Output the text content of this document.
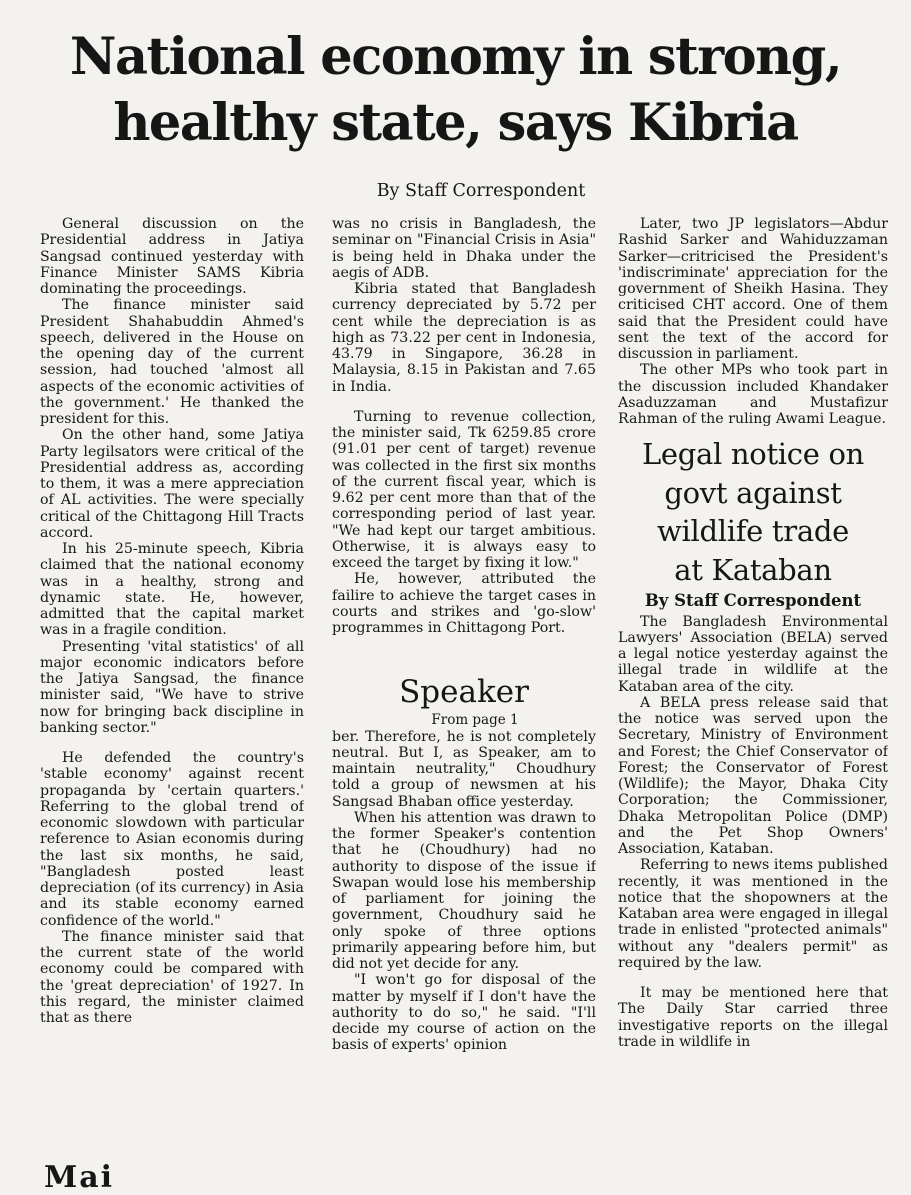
National economy in strong,
healthy state, says Kibria
By Staff Correspondent

General discussion on the Presidential address in Jatiya Sangsad continued yesterday with Finance Minister SAMS Kibria dominating the proceedings.

The finance minister said President Shahabuddin Ahmed's speech, delivered in the House on the opening day of the current session, had touched 'almost all aspects of the economic activities of the government.' He thanked the president for this.

On the other hand, some Jatiya Party legilsators were critical of the Presidential address as, according to them, it was a mere appreciation of AL activities. The were specially critical of the Chittagong Hill Tracts accord.

In his 25-minute speech, Kibria claimed that the national economy was in a healthy, strong and dynamic state. He, however, admitted that the capital market was in a fragile condition.

Presenting 'vital statistics' of all major economic indicators before the Jatiya Sangsad, the finance minister said, "We have to strive now for bringing back discipline in banking sector."

He defended the country's 'stable economy' against recent propaganda by 'certain quarters.' Referring to the global trend of economic slowdown with particular reference to Asian economis during the last six months, he said, "Bangladesh posted least depreciation (of its currency) in Asia and its stable economy earned confidence of the world."

The finance minister said that the current state of the world economy could be compared with the 'great depreciation' of 1927. In this regard, the minister claimed that as there

was no crisis in Bangladesh, the seminar on "Financial Crisis in Asia" is being held in Dhaka under the aegis of ADB.

Kibria stated that Bangladesh currency depreciated by 5.72 per cent while the depreciation is as high as 73.22 per cent in Indonesia, 43.79 in Singapore, 36.28 in Malaysia, 8.15 in Pakistan and 7.65 in India.

Turning to revenue collection, the minister said, Tk 6259.85 crore (91.01 per cent of target) revenue was collected in the first six months of the current fiscal year, which is 9.62 per cent more than that of the corresponding period of last year. "We had kept our target ambitious. Otherwise, it is always easy to exceed the target by fixing it low."

He, however, attributed the failire to achieve the target cases in courts and strikes and 'go-slow' programmes in Chittagong Port.

Speaker

From page 1

ber. Therefore, he is not completely neutral. But I, as Speaker, am to maintain neutrality," Choudhury told a group of newsmen at his Sangsad Bhaban office yesterday.

When his attention was drawn to the former Speaker's contention that he (Choudhury) had no authority to dispose of the issue if Swapan would lose his membership of parliament for joining the government, Choudhury said he only spoke of three options primarily appearing before him, but did not yet decide for any.

"I won't go for disposal of the matter by myself if I don't have the authority to do so," he said. "I'll decide my course of action on the basis of experts' opinion

Later, two JP legislators—Abdur Rashid Sarker and Wahiduzzaman Sarker—critricised the President's 'indiscriminate' appreciation for the government of Sheikh Hasina. They criticised CHT accord. One of them said that the President could have sent the text of the accord for discussion in parliament.

The other MPs who took part in the discussion included Khandaker Asaduzzaman and Mustafizur Rahman of the ruling Awami League.

Legal notice on
govt against
wildlife trade
at Kataban
By Staff Correspondent

The Bangladesh Environmental Lawyers' Association (BELA) served a legal notice yesterday against the illegal trade in wildlife at the Kataban area of the city.

A BELA press release said that the notice was served upon the Secretary, Ministry of Environment and Forest; the Chief Conservator of Forest; the Conservator of Forest (Wildlife); the Mayor, Dhaka City Corporation; the Commissioner, Dhaka Metropolitan Police (DMP) and the Pet Shop Owners' Association, Kataban.

Referring to news items published recently, it was mentioned in the notice that the shopowners at the Kataban area were engaged in illegal trade in enlisted "protected animals" without any "dealers permit" as required by the law.

It may be mentioned here that The Daily Star carried three investigative reports on the illegal trade in wildlife in

Mai
